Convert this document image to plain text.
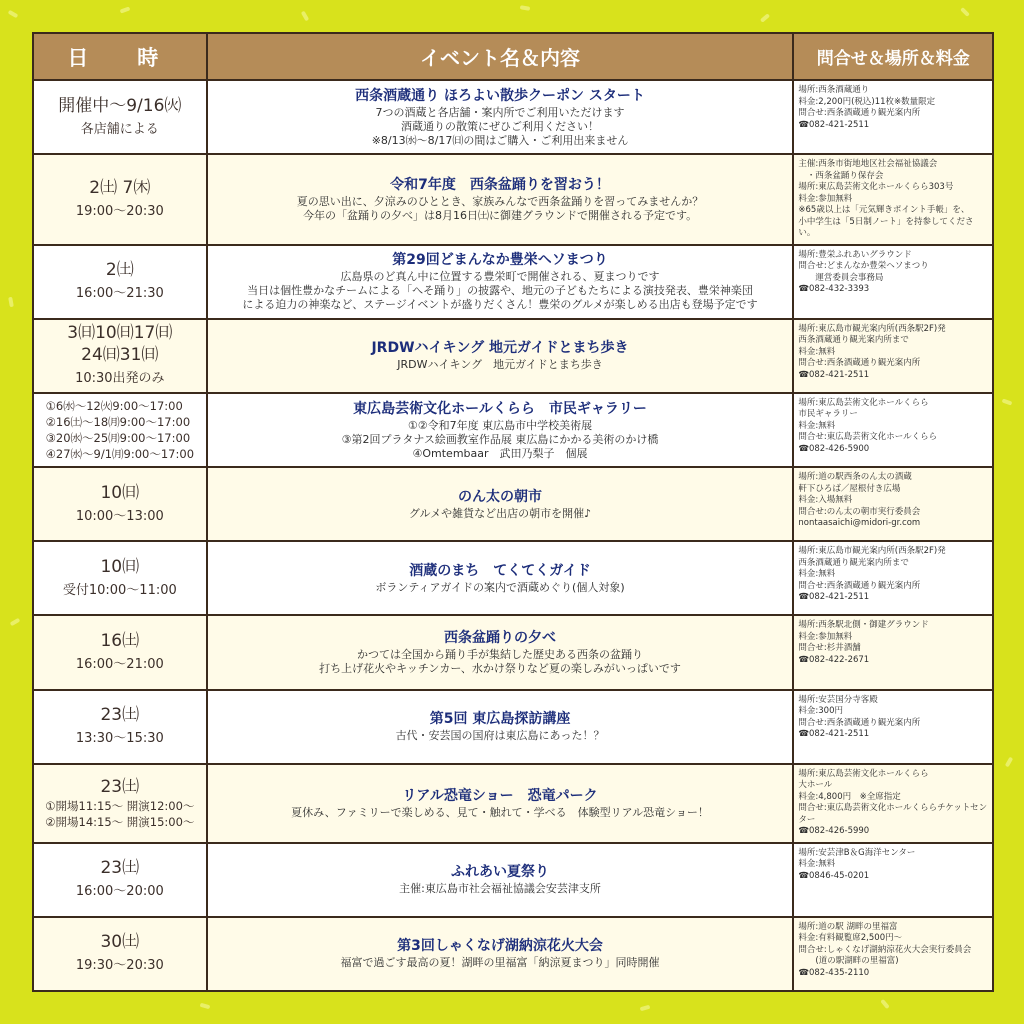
日　時	イベント名＆内容	問合せ＆場所＆料金
開催中〜9/16㈫
各店舗による
西条酒蔵通り ほろよい散歩クーポン スタート
7つの酒蔵と各店舗・案内所でご利用いただけます
酒蔵通りの散策にぜひご利用ください！
※8/13㈬〜8/17㈰の間はご購入・ご利用出来ません
場所:西条酒蔵通り
料金:2,200円(税込)11枚※数量限定
問合せ:西条酒蔵通り観光案内所
☎082-421-2511
2㈯ 7㈭
19:00〜20:30
令和7年度　西条盆踊りを習おう！
夏の思い出に、夕涼みのひととき、家族みんなで西条盆踊りを習ってみませんか？
今年の「盆踊りの夕べ」は8月16日㈯に御建グラウンドで開催される予定です。
主催:西条市街地地区社会福祉協議会
　・西条盆踊り保存会
場所:東広島芸術文化ホールくらら303号
料金:参加無料
※65歳以上は「元気輝きポイント手帳」を、
小中学生は「5日制ノート」を持参してください。
2㈯
16:00〜21:30
第29回どまんなか豊栄ヘソまつり
広島県のど真ん中に位置する豊栄町で開催される、夏まつりです
当日は個性豊かなチームによる「へそ踊り」の披露や、地元の子どもたちによる演技発表、豊栄神楽団
による迫力の神楽など、ステージイベントが盛りだくさん！豊栄のグルメが楽しめる出店も登場予定です
場所:豊栄ふれあいグラウンド
問合せ:どまんなか豊栄ヘソまつり
　　運営委員会事務局
☎082-432-3393
3㈰10㈰17㈰
24㈰31㈰
10:30出発のみ
JRDWハイキング 地元ガイドとまち歩き
JRDWハイキング　地元ガイドとまち歩き
場所:東広島市観光案内所(西条駅2F)発
西条酒蔵通り観光案内所まで
料金:無料
問合せ:西条酒蔵通り観光案内所
☎082-421-2511
①6㈬〜12㈫9:00〜17:00
②16㈯〜18㈪9:00〜17:00
③20㈬〜25㈪9:00〜17:00
④27㈬〜9/1㈪9:00〜17:00
東広島芸術文化ホールくらら　市民ギャラリー
①②令和7年度 東広島市中学校美術展
③第2回プラタナス絵画教室作品展 東広島にかかる美術のかけ橋
④Omtembaar　武田乃梨子　個展
場所:東広島芸術文化ホールくらら
市民ギャラリー
料金:無料
問合せ:東広島芸術文化ホールくらら
☎082-426-5900
10㈰
10:00〜13:00
のん太の朝市
グルメや雑貨など出店の朝市を開催♪
場所:道の駅西条のん太の酒蔵
軒下ひろば／屋根付き広場
料金:入場無料
問合せ:のん太の朝市実行委員会
nontaasaichi@midori-gr.com
10㈰
受付10:00〜11:00
酒蔵のまち　てくてくガイド
ボランティアガイドの案内で酒蔵めぐり(個人対象)
場所:東広島市観光案内所(西条駅2F)発
西条酒蔵通り観光案内所まで
料金:無料
問合せ:西条酒蔵通り観光案内所
☎082-421-2511
16㈯
16:00〜21:00
西条盆踊りの夕べ
かつては全国から踊り手が集結した歴史ある西条の盆踊り
打ち上げ花火やキッチンカー、水かけ祭りなど夏の楽しみがいっぱいです
場所:西条駅北側・御建グラウンド
料金:参加無料
問合せ:杉井酒舗
☎082-422-2671
23㈯
13:30〜15:30
第5回 東広島探訪講座
古代・安芸国の国府は東広島にあった！？
場所:安芸国分寺客殿
料金:300円
問合せ:西条酒蔵通り観光案内所
☎082-421-2511
23㈯
①開場11:15〜 開演12:00〜
②開場14:15〜 開演15:00〜
リアル恐竜ショー　恐竜パーク
夏休み、ファミリーで楽しめる、見て・触れて・学べる　体験型リアル恐竜ショー！
場所:東広島芸術文化ホールくらら
大ホール
料金:4,800円　※全席指定
問合せ:東広島芸術文化ホールくららチケットセンター
☎082-426-5990
23㈯
16:00〜20:00
ふれあい夏祭り
主催:東広島市社会福祉協議会安芸津支所
場所:安芸津B＆G海洋センター
料金:無料
☎0846-45-0201
30㈯
19:30〜20:30
第3回しゃくなげ湖納涼花火大会
福富で過ごす最高の夏！湖畔の里福富「納涼夏まつり」同時開催
場所:道の駅 湖畔の里福富
料金:有料観覧席2,500円〜
問合せ:しゃくなげ湖納涼花火大会実行委員会
　　(道の駅湖畔の里福富)
☎082-435-2110
